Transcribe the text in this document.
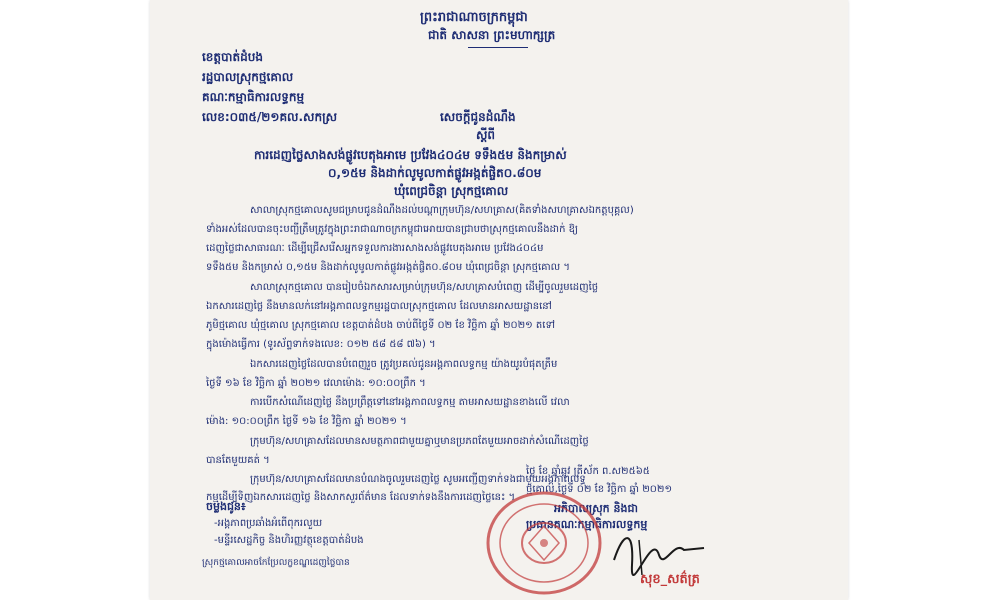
ព្រះរាជាណាចក្រកម្ពុជា
ជាតិ សាសនា ព្រះមហាក្សត្រ
ខេត្តបាត់ដំបង
រដ្ឋបាលស្រុកថ្មគោល
គណៈកម្មាធិការលទ្ធកម្ម
លេខ:០៣៥/២១គល.សកស្រ	សេចក្តីជូនដំណឹង
ស្តីពី
ការដេញថ្លៃសាងសង់ផ្លូវបេតុងអាមេ ប្រវែង៤០៤ម ទទឹង៥ម និងកម្រាស់
០,១៥ម និងដាក់លូមូលកាត់ផ្លូវអង្កត់ផ្ចិត០.៨០ម
ឃុំពេជ្រចិន្តា ស្រុកថ្មគោល
សាលាស្រុកថ្មគោលសូមជម្រាបជូនដំណឹងដល់បណ្តាក្រុមហ៊ុន/សហគ្រាស(គិតទាំងសហគ្រាសឯកត្តបុគ្គល)
ទាំងអស់ដែលបានចុះបញ្ជីត្រឹមត្រូវក្នុងព្រះរាជាណាចក្រកម្ពុជាអោយបានជ្រាបថាស្រុកថ្មគោលនឹងដាក់ ឱ្យ
ដេញថ្លៃជាសាធារណៈ ដើម្បីជ្រើសរើសអ្នកទទួលការងារសាងសង់ផ្លូវបេតុងអាមេ ប្រវែង៤០៤ម
ទទឹង៥ម និងកម្រាស់ ០,១៥ម និងដាក់លូមូលកាត់ផ្លូវអង្កត់ផ្ចិត០.៨០ម ឃុំពេជ្រចិន្តា ស្រុកថ្មគោល ។
សាលាស្រុកថ្មគោល បានរៀបចំឯកសារសម្រាប់ក្រុមហ៊ុន/សហគ្រាសបំពេញ ដើម្បីចូលរួមដេញថ្លៃ
ឯកសារដេញថ្លៃ នឹងមានលក់នៅអង្គភាពលទ្ធកម្មរដ្ឋបាលស្រុកថ្មគោល ដែលមានអាសយដ្ឋាននៅ
ភូមិថ្មគោល ឃុំថ្មគោល ស្រុកថ្មគោល ខេត្តបាត់ដំបង ចាប់ពីថ្ងៃទី ០២ ខែ វិច្ឆិកា ឆ្នាំ ២០២១ តទៅ
ក្នុងម៉ោងធ្វើការ (ទូរស័ព្ទទាក់ទងលេខ: ០១២ ៥៨ ៥៨ ៧៦) ។
ឯកសារដេញថ្លៃដែលបានបំពេញរួច ត្រូវប្រគល់ជូនអង្គភាពលទ្ធកម្ម យ៉ាងយូរបំផុតត្រឹម
ថ្ងៃទី ១៦ ខែ វិច្ឆិកា ឆ្នាំ ២០២១ វេលាម៉ោង: ១០:០០ព្រឹក ។
ការបើកសំណើដេញថ្លៃ នឹងប្រព្រឹត្តទៅនៅអង្គភាពលទ្ធកម្ម តាមអាសយដ្ឋានខាងលើ វេលា
ម៉ោង: ១០:០០ព្រឹក ថ្ងៃទី ១៦ ខែ វិច្ឆិកា ឆ្នាំ ២០២១ ។
ក្រុមហ៊ុន/សហគ្រាសដែលមានសមត្ថភាពជាមួយគ្នាឬមានប្រភពតែមួយអាចដាក់សំណើដេញថ្លៃ
បានតែមួយគត់ ។
ក្រុមហ៊ុន/សហគ្រាសដែលមានបំណងចូលរួមដេញថ្លៃ សូមអញ្ជើញទាក់ទងជាមួយអង្គភាពលទ្ធ
កម្មដើម្បីទិញឯកសារដេញថ្លៃ និងសាកសួរព័ត៌មាន ដែលទាក់ទងនឹងការដេញថ្លៃនេះ ។
ថ្ងៃ ខែ ឆ្នាំឆ្លូវ ត្រីស័ក ព.ស២៥៦៥
ថ្មគោល,ថ្ងៃទី ០២ ខែ វិច្ឆិកា ឆ្នាំ ២០២១
ចម្លងជូន៖
-អង្គភាពប្រឆាំងអំពើពុករលួយ
-មន្ទីរសេដ្ឋកិច្ច និងហិរញ្ញវត្ថុខេត្តបាត់ដំបង
ស្រុកថ្មគោលអាចកែប្រែលក្ខខណ្ឌដេញថ្លៃបាន
អភិបាលស្រុក និងជា
ប្រធានគណៈកម្មាធិការលទ្ធកម្ម
សុខ_សត៌ត្រ
